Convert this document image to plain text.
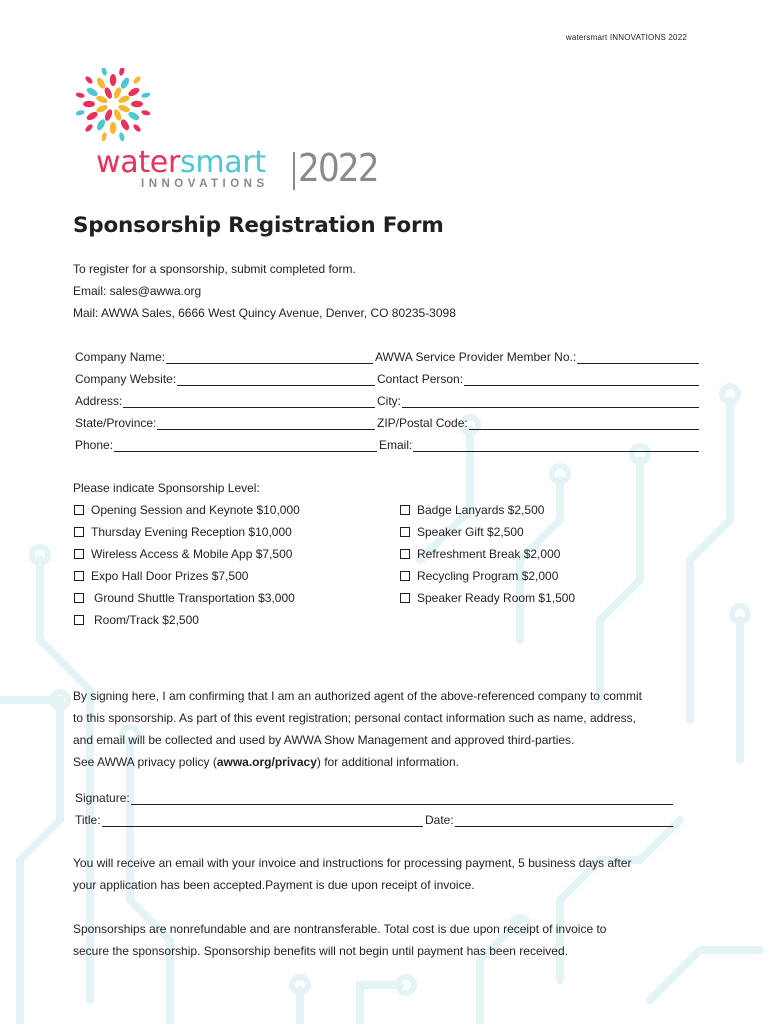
watersmart INNOVATIONS 2022
watersmart
INNOVATIONS 2022
Sponsorship Registration Form
To register for a sponsorship, submit completed form.
Email: sales@awwa.org
Mail: AWWA Sales, 6666 West Quincy Avenue, Denver, CO 80235-3098
Company Name:	AWWA Service Provider Member No.:
Company Website:	Contact Person:
Address:	City:
State/Province:	ZIP/Postal Code:
Phone:	Email:
Please indicate Sponsorship Level:
Opening Session and Keynote $10,000
Thursday Evening Reception $10,000
Wireless Access & Mobile App $7,500
Expo Hall Door Prizes $7,500
Ground Shuttle Transportation $3,000
Room/Track $2,500
Badge Lanyards $2,500
Speaker Gift $2,500
Refreshment Break $2,000
Recycling Program $2,000
Speaker Ready Room $1,500
By signing here, I am confirming that I am an authorized agent of the above-referenced company to commit
to this sponsorship. As part of this event registration; personal contact information such as name, address,
and email will be collected and used by AWWA Show Management and approved third-parties.
See AWWA privacy policy (awwa.org/privacy) for additional information.
Signature:
Title:	Date:
You will receive an email with your invoice and instructions for processing payment, 5 business days after
your application has been accepted.Payment is due upon receipt of invoice.
Sponsorships are nonrefundable and are nontransferable. Total cost is due upon receipt of invoice to
secure the sponsorship. Sponsorship benefits will not begin until payment has been received.
